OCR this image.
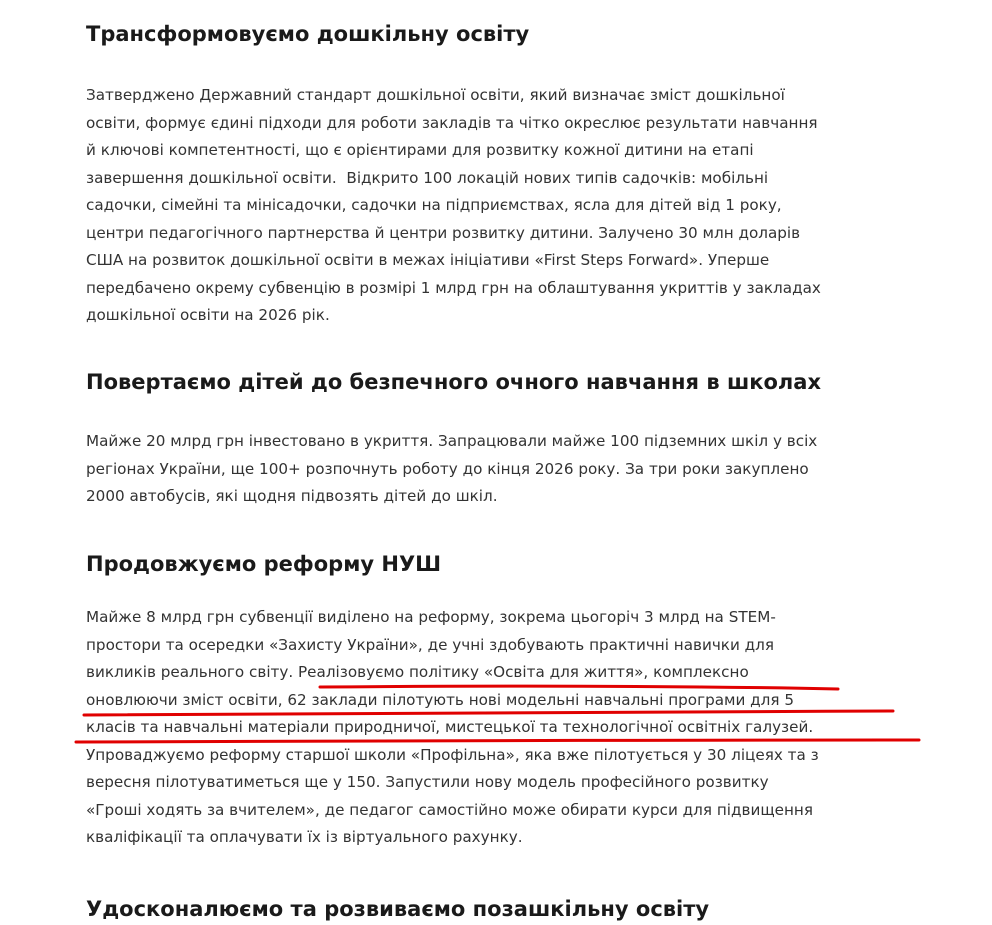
Трансформовуємо дошкільну освіту

Затверджено Державний стандарт дошкільної освіти, який визначає зміст дошкільної

освіти, формує єдині підходи для роботи закладів та чітко окреслює результати навчання

й ключові компетентності, що є орієнтирами для розвитку кожної дитини на етапі

завершення дошкільної освіти.  Відкрито 100 локацій нових типів садочків: мобільні

садочки, сімейні та мінісадочки, садочки на підприємствах, ясла для дітей від 1 року,

центри педагогічного партнерства й центри розвитку дитини. Залучено 30 млн доларів

США на розвиток дошкільної освіти в межах ініціативи «First Steps Forward». Уперше

передбачено окрему субвенцію в розмірі 1 млрд грн на облаштування укриттів у закладах

дошкільної освіти на 2026 рік.

Повертаємо дітей до безпечного очного навчання в школах

Майже 20 млрд грн інвестовано в укриття. Запрацювали майже 100 підземних шкіл у всіх

регіонах України, ще 100+ розпочнуть роботу до кінця 2026 року. За три роки закуплено

2000 автобусів, які щодня підвозять дітей до шкіл.

Продовжуємо реформу НУШ

Майже 8 млрд грн субвенції виділено на реформу, зокрема цьогоріч 3 млрд на STEM-

простори та осередки «Захисту України», де учні здобувають практичні навички для

викликів реального світу. Реалізовуємо політику «Освіта для життя», комплексно

оновлюючи зміст освіти, 62 заклади пілотують нові модельні навчальні програми для 5

класів та навчальні матеріали природничої, мистецької та технологічної освітніх галузей.

Упроваджуємо реформу старшої школи «Профільна», яка вже пілотується у 30 ліцеях та з

вересня пілотуватиметься ще у 150. Запустили нову модель професійного розвитку

«Гроші ходять за вчителем», де педагог самостійно може обирати курси для підвищення

кваліфікації та оплачувати їх із віртуального рахунку.

Удосконалюємо та розвиваємо позашкільну освіту
